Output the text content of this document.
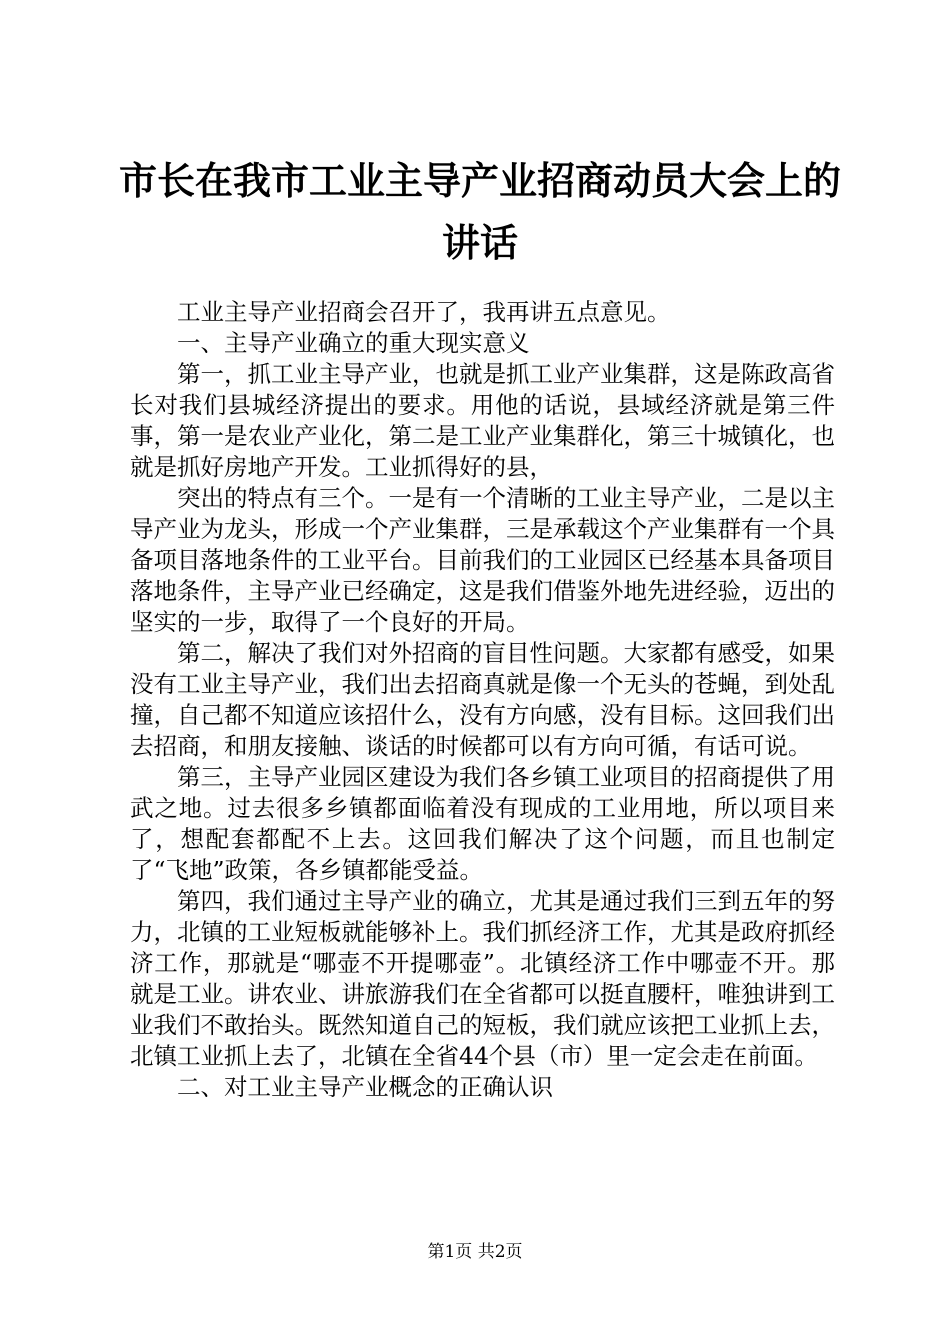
市长在我市工业主导产业招商动员大会上的讲话

工业主导产业招商会召开了，我再讲五点意见。

一、主导产业确立的重大现实意义

第一，抓工业主导产业，也就是抓工业产业集群，这是陈政高省长对我们县城经济提出的要求。用他的话说，县域经济就是第三件事，第一是农业产业化，第二是工业产业集群化，第三十城镇化，也就是抓好房地产开发。工业抓得好的县，

突出的特点有三个。一是有一个清晰的工业主导产业，二是以主导产业为龙头，形成一个产业集群，三是承载这个产业集群有一个具备项目落地条件的工业平台。目前我们的工业园区已经基本具备项目落地条件，主导产业已经确定，这是我们借鉴外地先进经验，迈出的坚实的一步，取得了一个良好的开局。

第二，解决了我们对外招商的盲目性问题。大家都有感受，如果没有工业主导产业，我们出去招商真就是像一个无头的苍蝇，到处乱撞，自己都不知道应该招什么，没有方向感，没有目标。这回我们出去招商，和朋友接触、谈话的时候都可以有方向可循，有话可说。

第三，主导产业园区建设为我们各乡镇工业项目的招商提供了用武之地。过去很多乡镇都面临着没有现成的工业用地，所以项目来了，想配套都配不上去。这回我们解决了这个问题，而且也制定了“飞地”政策，各乡镇都能受益。

第四，我们通过主导产业的确立，尤其是通过我们三到五年的努力，北镇的工业短板就能够补上。我们抓经济工作，尤其是政府抓经济工作，那就是“哪壶不开提哪壶”。北镇经济工作中哪壶不开。那就是工业。讲农业、讲旅游我们在全省都可以挺直腰杆，唯独讲到工业我们不敢抬头。既然知道自己的短板，我们就应该把工业抓上去，北镇工业抓上去了，北镇在全省44个县（市）里一定会走在前面。

二、对工业主导产业概念的正确认识

第1页 共2页
